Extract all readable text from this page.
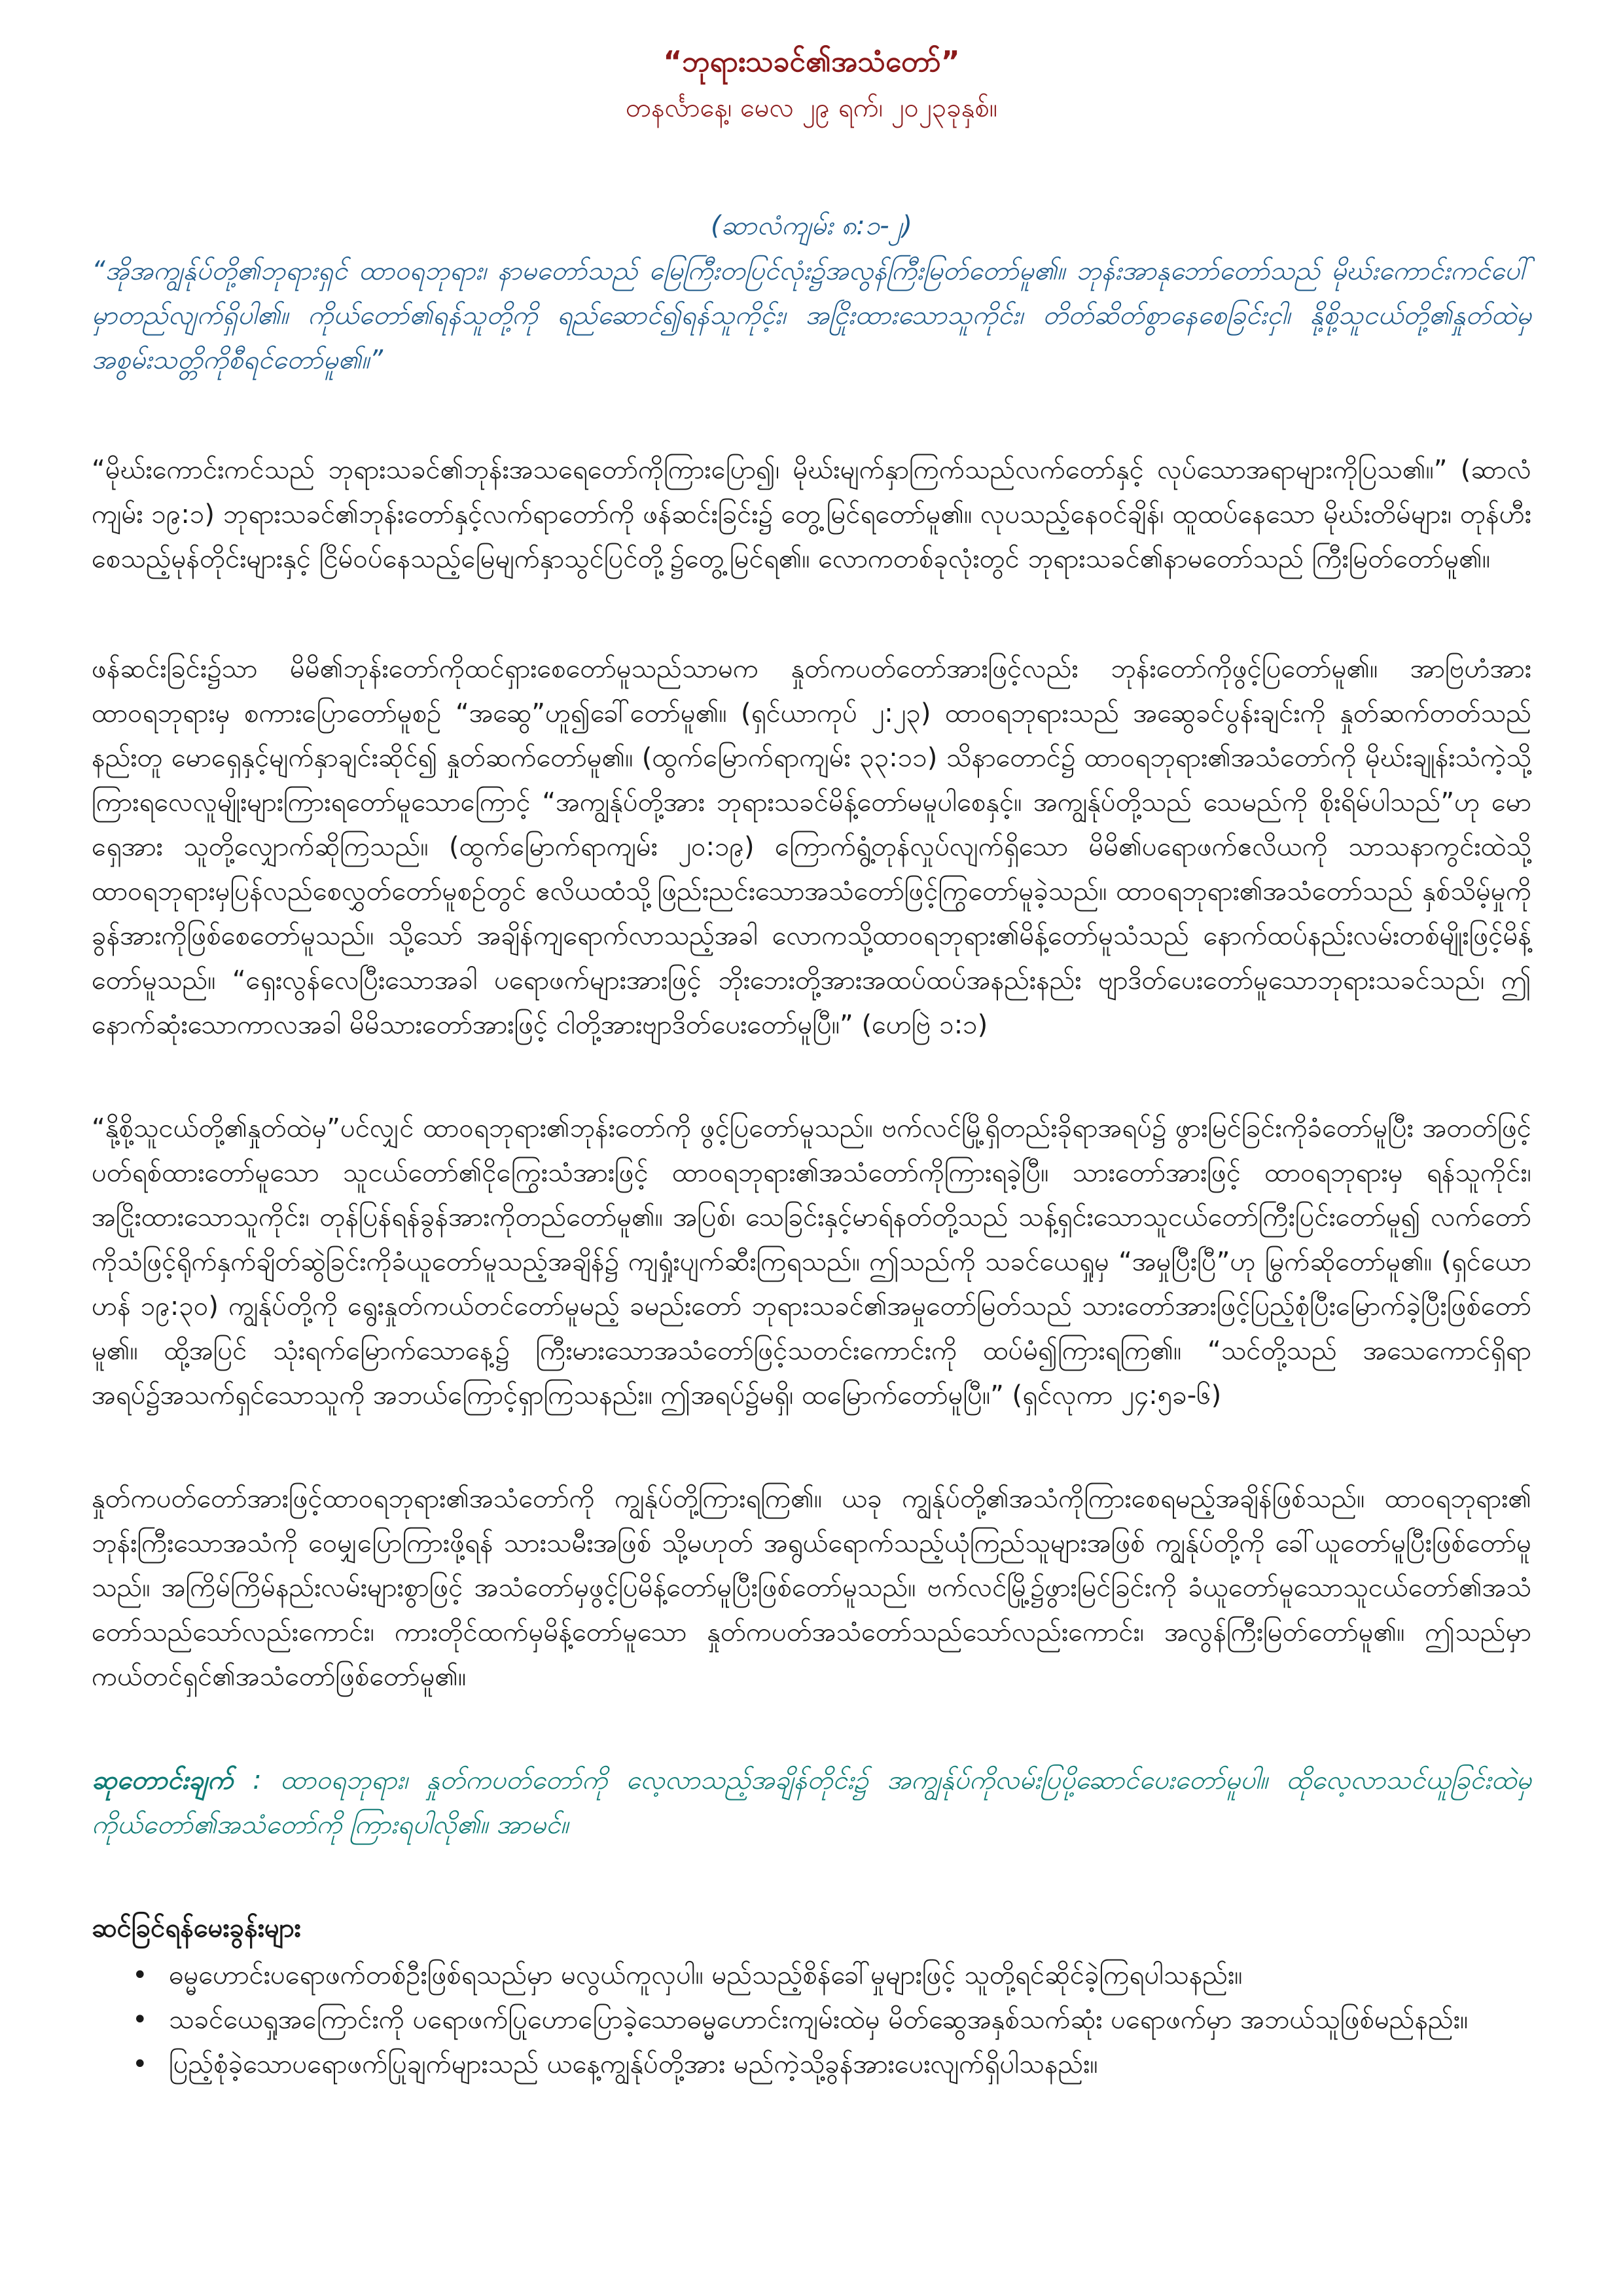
“ဘုရားသခင်၏အသံတော်”

တနင်္လာနေ့၊ မေလ ၂၉ ရက်၊ ၂၀၂၃ခုနှစ်။

(ဆာလံကျမ်း ၈:၁-၂)

“အိုအကျွန်ုပ်တို့၏ဘုရားရှင် ထာဝရဘုရား၊ နာမတော်သည် မြေကြီးတပြင်လုံး၌အလွန်ကြီးမြတ်တော်မူ၏။ ဘုန်းအာနုဘော်တော်သည် မိုဃ်းကောင်းကင်ပေါ်မှာတည်လျက်ရှိပါ၏။ ကိုယ်တော်၏ရန်သူတို့ကို ရည်ဆောင်၍ရန်သူကိုင့်း၊ အငြိုးထားသောသူကိုင်း၊ တိတ်ဆိတ်စွာနေစေခြင်းငှါ၊ နို့စို့သူငယ်တို့၏နှုတ်ထဲမှ အစွမ်းသတ္တိကိုစီရင်တော်မူ၏။”

“မိုဃ်းကောင်းကင်သည် ဘုရားသခင်၏ဘုန်းအသရေတော်ကိုကြားပြော၍၊ မိုဃ်းမျက်နှာကြက်သည်လက်တော်နှင့် လုပ်သောအရာများကိုပြသ၏။” (ဆာလံကျမ်း ၁၉:၁) ဘုရားသခင်၏ဘုန်းတော်နှင့်လက်ရာတော်ကို ဖန်ဆင်းခြင်း၌ တွေ့မြင်ရတော်မူ၏။ လုပသည့်နေဝင်ချိန်၊ ထူထပ်နေသော မိုဃ်းတိမ်များ၊ တုန်ဟီးစေသည့်မုန်တိုင်းများနှင့် ငြိမ်ဝပ်နေသည့်မြေမျက်နှာသွင်ပြင်တို့၌တွေ့မြင်ရ၏။ လောကတစ်ခုလုံးတွင် ဘုရားသခင်၏နာမတော်သည် ကြီးမြတ်တော်မူ၏။

ဖန်ဆင်းခြင်း၌သာ မိမိ၏ဘုန်းတော်ကိုထင်ရှားစေတော်မူသည်သာမက နှုတ်ကပတ်တော်အားဖြင့်လည်း ဘုန်းတော်ကိုဖွင့်ပြတော်မူ၏။ အာဗြဟံအား ထာဝရဘုရားမှ စကားပြောတော်မူစဉ် “အဆွေ”ဟူ၍ခေါ်တော်မူ၏။ (ရှင်ယာကုပ် ၂:၂၃) ထာဝရဘုရားသည် အဆွေခင်ပွန်းချင်းကို နှုတ်ဆက်တတ်သည်နည်းတူ မောရှေနှင့်မျက်နှာချင်းဆိုင်၍ နှုတ်ဆက်တော်မူ၏။ (ထွက်မြောက်ရာကျမ်း ၃၃:၁၁) သိနာတောင်၌ ထာဝရဘုရား၏အသံတော်ကို မိုဃ်းချုန်းသံကဲ့သို့ ကြားရလေလူမျိုးများကြားရတော်မူသောကြောင့် “အကျွန်ုပ်တို့အား ဘုရားသခင်မိန့်တော်မမူပါစေနှင့်။ အကျွန်ုပ်တို့သည် သေမည်ကို စိုးရိမ်ပါသည်”ဟု မောရှေအား သူတို့လျှောက်ဆိုကြသည်။ (ထွက်မြောက်ရာကျမ်း ၂၀:၁၉) ကြောက်ရွံ့တုန်လှုပ်လျက်ရှိသော မိမိ၏ပရောဖက်ဧလိယကို သာသနာကွင်းထဲသို့ ထာဝရဘုရားမှပြန်လည်စေလွှတ်တော်မူစဉ်တွင် ဧလိယထံသို့ဖြည်းညင်းသောအသံတော်ဖြင့်ကြွတော်မူခဲ့သည်။ ထာဝရဘုရား၏အသံတော်သည် နှစ်သိမ့်မှုကိုခွန်အားကိုဖြစ်စေတော်မူသည်။ သို့သော် အချိန်ကျရောက်လာသည့်အခါ လောကသို့ထာဝရဘုရား၏မိန့်တော်မူသံသည် နောက်ထပ်နည်းလမ်းတစ်မျိုးဖြင့်မိန့်တော်မူသည်။ “ရှေးလွန်လေပြီးသောအခါ ပရောဖက်များအားဖြင့် ဘိုးဘေးတို့အားအထပ်ထပ်အနည်းနည်း ဗျာဒိတ်ပေးတော်မူသောဘုရားသခင်သည်၊ ဤနောက်ဆုံးသောကာလအခါ မိမိသားတော်အားဖြင့် ငါတို့အားဗျာဒိတ်ပေးတော်မူပြီ။” (ဟေဗြဲ ၁:၁)

“နို့စို့သူငယ်တို့၏နှုတ်ထဲမှ”ပင်လျှင် ထာဝရဘုရား၏ဘုန်းတော်ကို ဖွင့်ပြတော်မူသည်။ ဗက်လင်မြို့ရှိတည်းခိုရာအရပ်၌ ဖွားမြင်ခြင်းကိုခံတော်မူပြီး အတတ်ဖြင့်ပတ်ရစ်ထားတော်မူသော သူငယ်တော်၏ငိုကြွေးသံအားဖြင့် ထာဝရဘုရား၏အသံတော်ကိုကြားရခဲ့ပြီ။ သားတော်အားဖြင့် ထာဝရဘုရားမှ ရန်သူကိုင်း၊ အငြိုးထားသောသူကိုင်း၊ တုန်ပြန်ရန်ခွန်အားကိုတည်တော်မူ၏။ အပြစ်၊ သေခြင်းနှင့်မာရ်နတ်တို့သည် သန့်ရှင်းသောသူငယ်တော်ကြီးပြင်းတော်မူ၍ လက်တော်ကိုသံဖြင့်ရိုက်နှက်ချိတ်ဆွဲခြင်းကိုခံယူတော်မူသည့်အချိန်၌ ကျရှုံးပျက်ဆီးကြရသည်။ ဤသည်ကို သခင်ယေရှုမှ “အမှုပြီးပြီ”ဟု မြွက်ဆိုတော်မူ၏။ (ရှင်ယောဟန် ၁၉:၃၀) ကျွန်ုပ်တို့ကို ရွေးနှုတ်ကယ်တင်တော်မူမည့် ခမည်းတော် ဘုရားသခင်၏အမှုတော်မြတ်သည် သားတော်အားဖြင့်ပြည့်စုံပြီးမြောက်ခဲ့ပြီးဖြစ်တော်မူ၏။ ထို့အပြင် သုံးရက်မြောက်သောနေ့၌ ကြီးမားသောအသံတော်ဖြင့်သတင်းကောင်းကို ထပ်မံ၍ကြားရကြ၏။ “သင်တို့သည် အသေကောင်ရှိရာအရပ်၌အသက်ရှင်သောသူကို အဘယ်ကြောင့်ရှာကြသနည်း။ ဤအရပ်၌မရှိ၊ ထမြောက်တော်မူပြီ။” (ရှင်လုကာ ၂၄:၅ခ-၆)

နှုတ်ကပတ်တော်အားဖြင့်ထာဝရဘုရား၏အသံတော်ကို ကျွန်ုပ်တို့ကြားရကြ၏။ ယခု ကျွန်ုပ်တို့၏အသံကိုကြားစေရမည့်အချိန်ဖြစ်သည်။ ထာဝရဘုရား၏ ဘုန်းကြီးသောအသံကို ဝေမျှပြောကြားဖို့ရန် သားသမီးအဖြစ် သို့မဟုတ် အရွယ်ရောက်သည့်ယုံကြည်သူများအဖြစ် ကျွန်ုပ်တို့ကို ခေါ်ယူတော်မူပြီးဖြစ်တော်မူသည်။ အကြိမ်ကြိမ်နည်းလမ်းများစွာဖြင့် အသံတော်မှဖွင့်ပြမိန့်တော်မူပြီးဖြစ်တော်မူသည်။ ဗက်လင်မြို့၌ဖွားမြင်ခြင်းကို ခံယူတော်မူသောသူငယ်တော်၏အသံတော်သည်သော်လည်းကောင်း၊ ကားတိုင်ထက်မှမိန့်တော်မူသော နှုတ်ကပတ်အသံတော်သည်သော်လည်းကောင်း၊ အလွန်ကြီးမြတ်တော်မူ၏။ ဤသည်မှာ ကယ်တင်ရှင်၏အသံတော်ဖြစ်တော်မူ၏။

ဆုတောင်းချက် : ထာဝရဘုရား၊ နှုတ်ကပတ်တော်ကို လေ့လာသည့်အချိန်တိုင်း၌ အကျွန်ုပ်ကိုလမ်းပြပို့ဆောင်ပေးတော်မူပါ။ ထိုလေ့လာသင်ယူခြင်းထဲမှ ကိုယ်တော်၏အသံတော်ကို ကြားရပါလို၏။ အာမင်။

ဆင်ခြင်ရန်မေးခွန်းများ

• ဓမ္မဟောင်းပရောဖက်တစ်ဦးဖြစ်ရသည်မှာ မလွယ်ကူလှပါ။ မည်သည့်စိန်ခေါ်မှုများဖြင့် သူတို့ရင်ဆိုင်ခဲ့ကြရပါသနည်း။
• သခင်ယေရှုအကြောင်းကို ပရောဖက်ပြုဟောပြောခဲ့သောဓမ္မဟောင်းကျမ်းထဲမှ မိတ်ဆွေအနှစ်သက်ဆုံး ပရောဖက်မှာ အဘယ်သူဖြစ်မည်နည်း။
• ပြည့်စုံခဲ့သောပရောဖက်ပြုချက်များသည် ယနေ့ကျွန်ုပ်တို့အား မည်ကဲ့သို့ခွန်အားပေးလျက်ရှိပါသနည်း။
